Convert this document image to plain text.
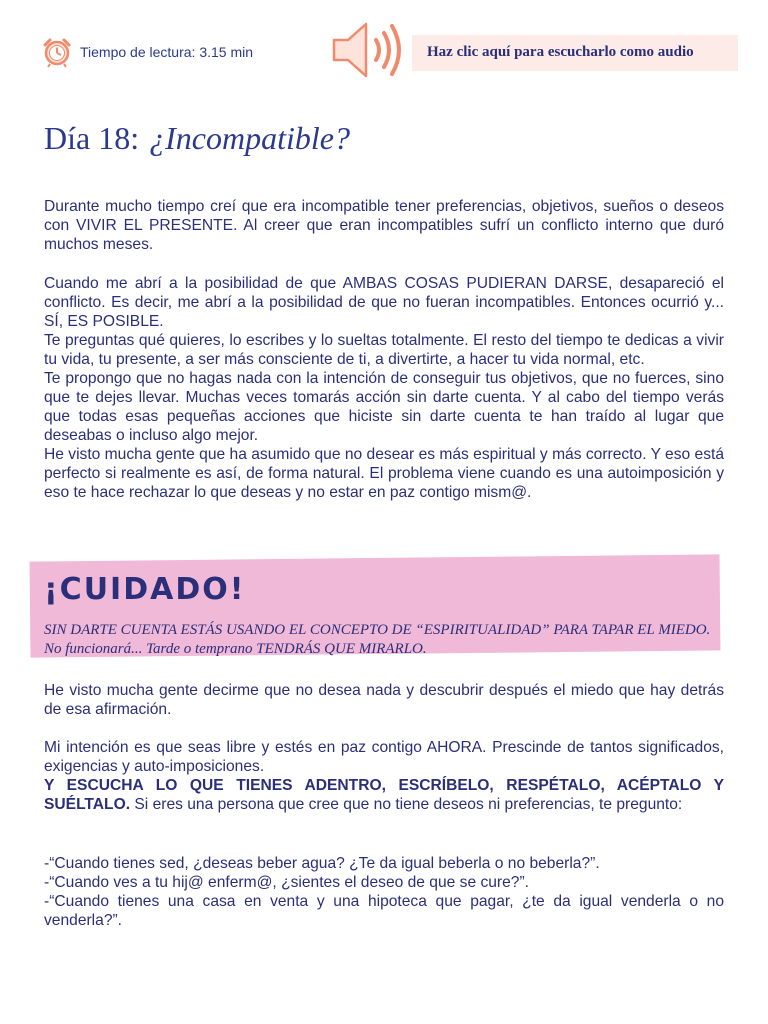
Tiempo de lectura: 3.15 min	Haz clic aquí para escucharlo como audio
Día 18: ¿Incompatible?

Durante mucho tiempo creí que era incompatible tener preferencias, objetivos, sueños o deseos con VIVIR EL PRESENTE. Al creer que eran incompatibles sufrí un conflicto interno que duró muchos meses.

Cuando me abrí a la posibilidad de que AMBAS COSAS PUDIERAN DARSE, desapareció el conflicto. Es decir, me abrí a la posibilidad de que no fueran incompatibles. Entonces ocurrió y... SÍ, ES POSIBLE.

Te preguntas qué quieres, lo escribes y lo sueltas totalmente. El resto del tiempo te dedicas a vivir tu vida, tu presente, a ser más consciente de ti, a divertirte, a hacer tu vida normal, etc.

Te propongo que no hagas nada con la intención de conseguir tus objetivos, que no fuerces, sino que te dejes llevar. Muchas veces tomarás acción sin darte cuenta. Y al cabo del tiempo verás que todas esas pequeñas acciones que hiciste sin darte cuenta te han traído al lugar que deseabas o incluso algo mejor.

He visto mucha gente que ha asumido que no desear es más espiritual y más correcto. Y eso está perfecto si realmente es así, de forma natural. El problema viene cuando es una autoimposición y eso te hace rechazar lo que deseas y no estar en paz contigo mism@.

¡CUIDADO!
SIN DARTE CUENTA ESTÁS USANDO EL CONCEPTO DE “ESPIRITUALIDAD” PARA TAPAR EL MIEDO. No funcionará... Tarde o temprano TENDRÁS QUE MIRARLO.

He visto mucha gente decirme que no desea nada y descubrir después el miedo que hay detrás de esa afirmación.

Mi intención es que seas libre y estés en paz contigo AHORA. Prescinde de tantos significados, exigencias y auto-imposiciones.

Y ESCUCHA LO QUE TIENES ADENTRO, ESCRÍBELO, RESPÉTALO, ACÉPTALO Y SUÉLTALO. Si eres una persona que cree que no tiene deseos ni preferencias, te pregunto:

-“Cuando tienes sed, ¿deseas beber agua? ¿Te da igual beberla o no beberla?”.

-“Cuando ves a tu hij@ enferm@, ¿sientes el deseo de que se cure?”.

-“Cuando tienes una casa en venta y una hipoteca que pagar, ¿te da igual venderla o no venderla?”.
